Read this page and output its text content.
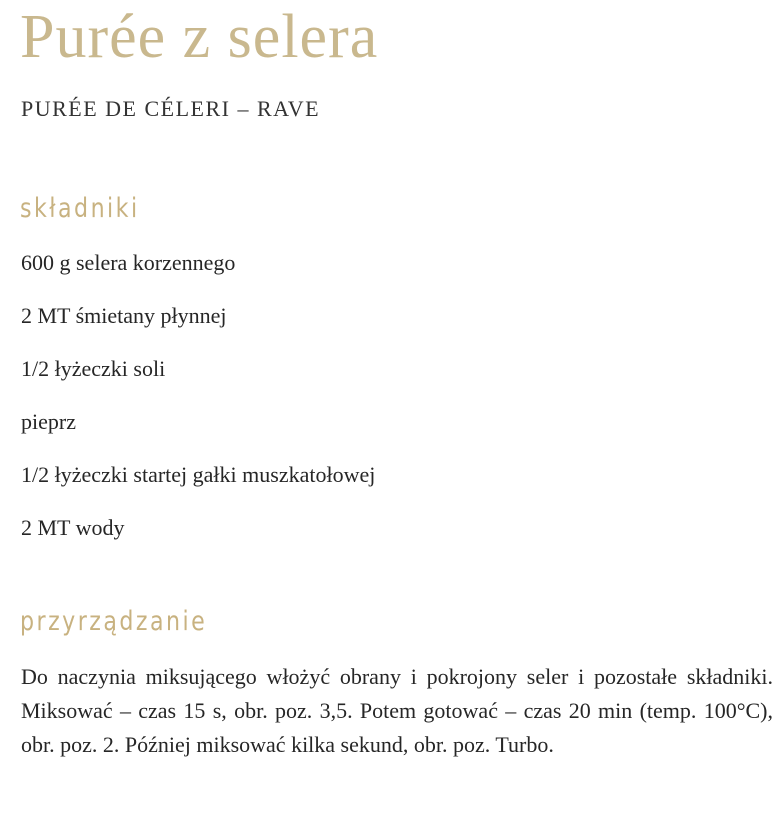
Purée z selera

PURÉE DE CÉLERI – RAVE

składniki
600 g selera korzennego
2 MT śmietany płynnej
1/2 łyżeczki soli
pieprz
1/2 łyżeczki startej gałki muszkatołowej
2 MT wody
przyrządzanie

Do naczynia miksującego włożyć obrany i pokrojony seler i pozostałe składniki. Miksować – czas 15 s, obr. poz. 3,5. Potem gotować – czas 20 min (temp. 100°C), obr. poz. 2. Później miksować kilka sekund, obr. poz. Turbo.
